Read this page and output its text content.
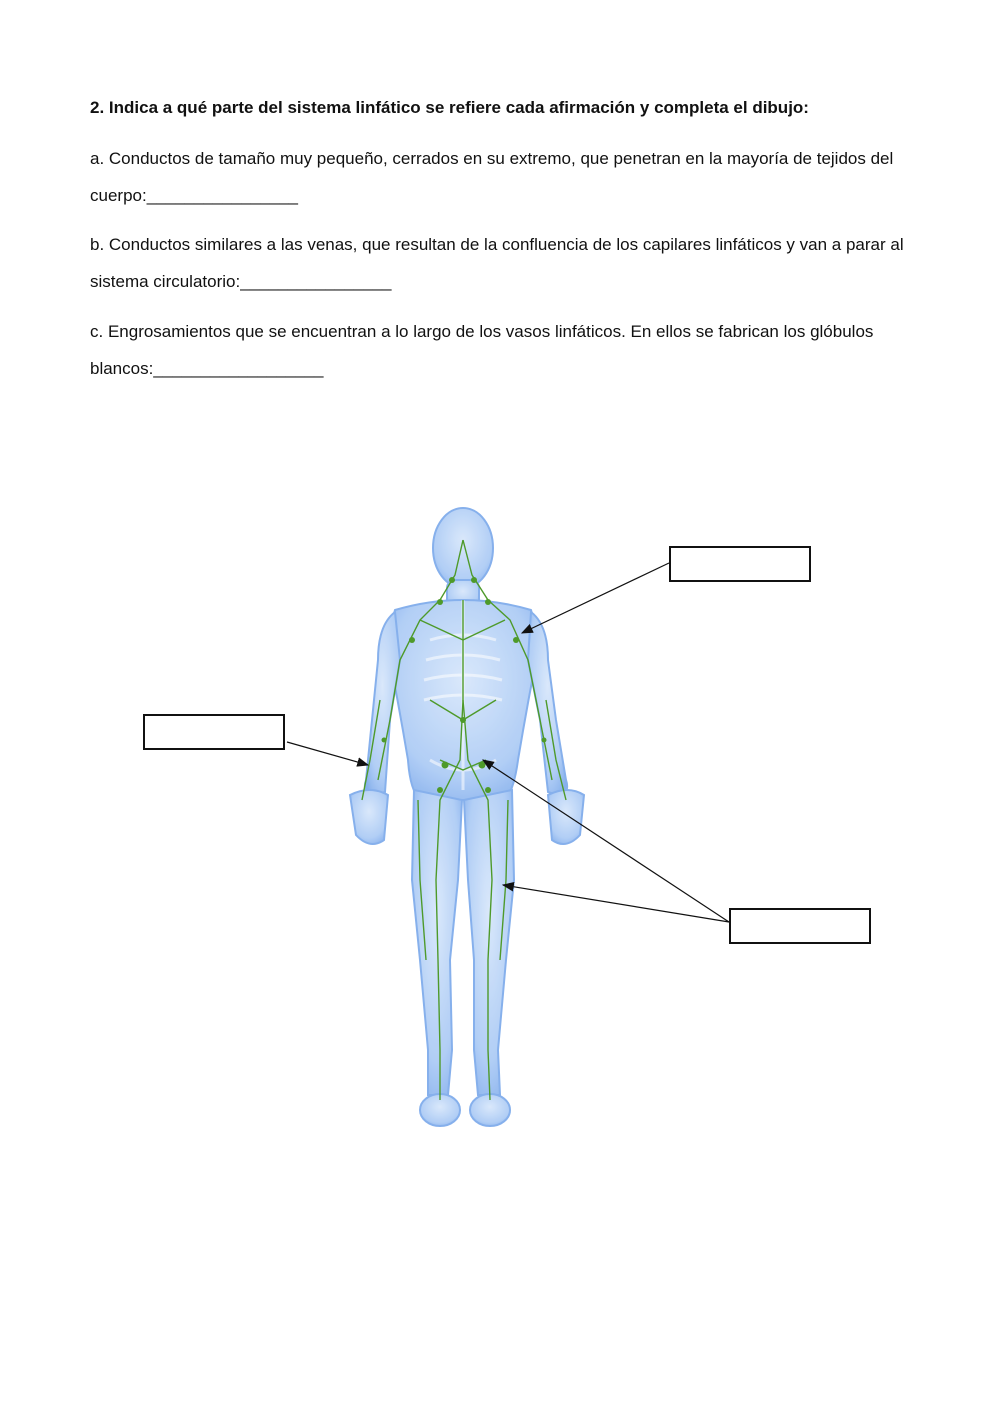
2. Indica a qué parte del sistema linfático se refiere cada afirmación y completa el dibujo:

a. Conductos de tamaño muy pequeño, cerrados en su extremo, que penetran en la mayoría de tejidos del cuerpo:________________

b. Conductos similares a las venas, que resultan de la confluencia de los capilares linfáticos y van a parar al sistema circulatorio:________________

c. Engrosamientos que se encuentran a lo largo de los vasos linfáticos. En ellos se fabrican los glóbulos blancos:__________________
